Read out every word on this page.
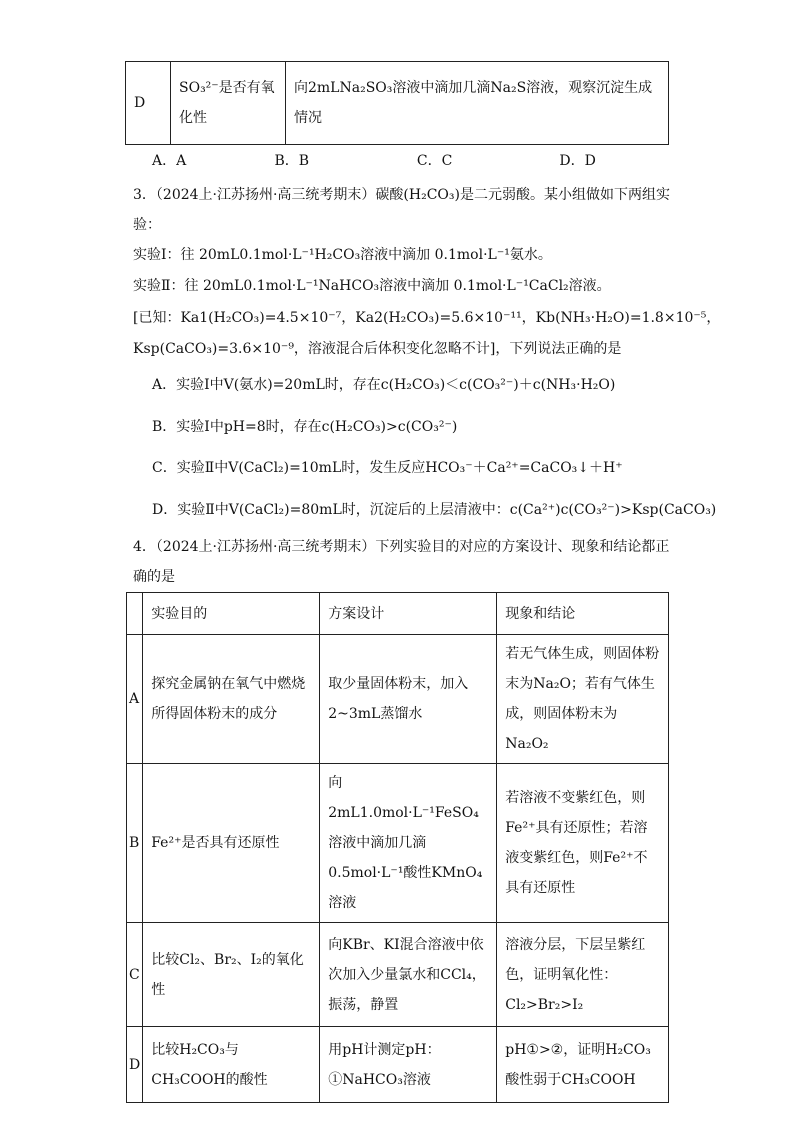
D	SO₃²⁻是否有氧化性	向2mLNa₂SO₃溶液中滴加几滴Na₂S溶液，观察沉淀生成情况
A．A	B．B	C．C	D．D
3．（2024上·江苏扬州·高三统考期末）碳酸(H₂CO₃)是二元弱酸。某小组做如下两组实
验：
实验Ⅰ：往 20mL0.1mol·L⁻¹H₂CO₃溶液中滴加 0.1mol·L⁻¹氨水。
实验Ⅱ：往 20mL0.1mol·L⁻¹NaHCO₃溶液中滴加 0.1mol·L⁻¹CaCl₂溶液。
[已知：Ka1(H₂CO₃)=4.5×10⁻⁷，Ka2(H₂CO₃)=5.6×10⁻¹¹，Kb(NH₃·H₂O)=1.8×10⁻⁵，
Ksp(CaCO₃)=3.6×10⁻⁹，溶液混合后体积变化忽略不计]，下列说法正确的是
A．实验Ⅰ中V(氨水)=20mL时，存在c(H₂CO₃)＜c(CO₃²⁻)＋c(NH₃·H₂O)
B．实验Ⅰ中pH=8时，存在c(H₂CO₃)>c(CO₃²⁻)
C．实验Ⅱ中V(CaCl₂)=10mL时，发生反应HCO₃⁻＋Ca²⁺=CaCO₃↓＋H⁺
D．实验Ⅱ中V(CaCl₂)=80mL时，沉淀后的上层清液中：c(Ca²⁺)c(CO₃²⁻)>Ksp(CaCO₃)
4．（2024上·江苏扬州·高三统考期末）下列实验目的对应的方案设计、现象和结论都正
确的是
	实验目的	方案设计	现象和结论
A	探究金属钠在氧气中燃烧所得固体粉末的成分	取少量固体粉末，加入2~3mL蒸馏水	若无气体生成，则固体粉末为Na₂O；若有气体生成，则固体粉末为Na₂O₂
B	Fe²⁺是否具有还原性	向2mL1.0mol·L⁻¹FeSO₄溶液中滴加几滴0.5mol·L⁻¹酸性KMnO₄溶液	若溶液不变紫红色，则Fe²⁺具有还原性；若溶液变紫红色，则Fe²⁺不具有还原性
C	比较Cl₂、Br₂、I₂的氧化性	向KBr、KI混合溶液中依次加入少量氯水和CCl₄，振荡，静置	溶液分层，下层呈紫红色，证明氧化性：Cl₂>Br₂>I₂
D	比较H₂CO₃与CH₃COOH的酸性	用pH计测定pH：①NaHCO₃溶液	pH①>②，证明H₂CO₃酸性弱于CH₃COOH
